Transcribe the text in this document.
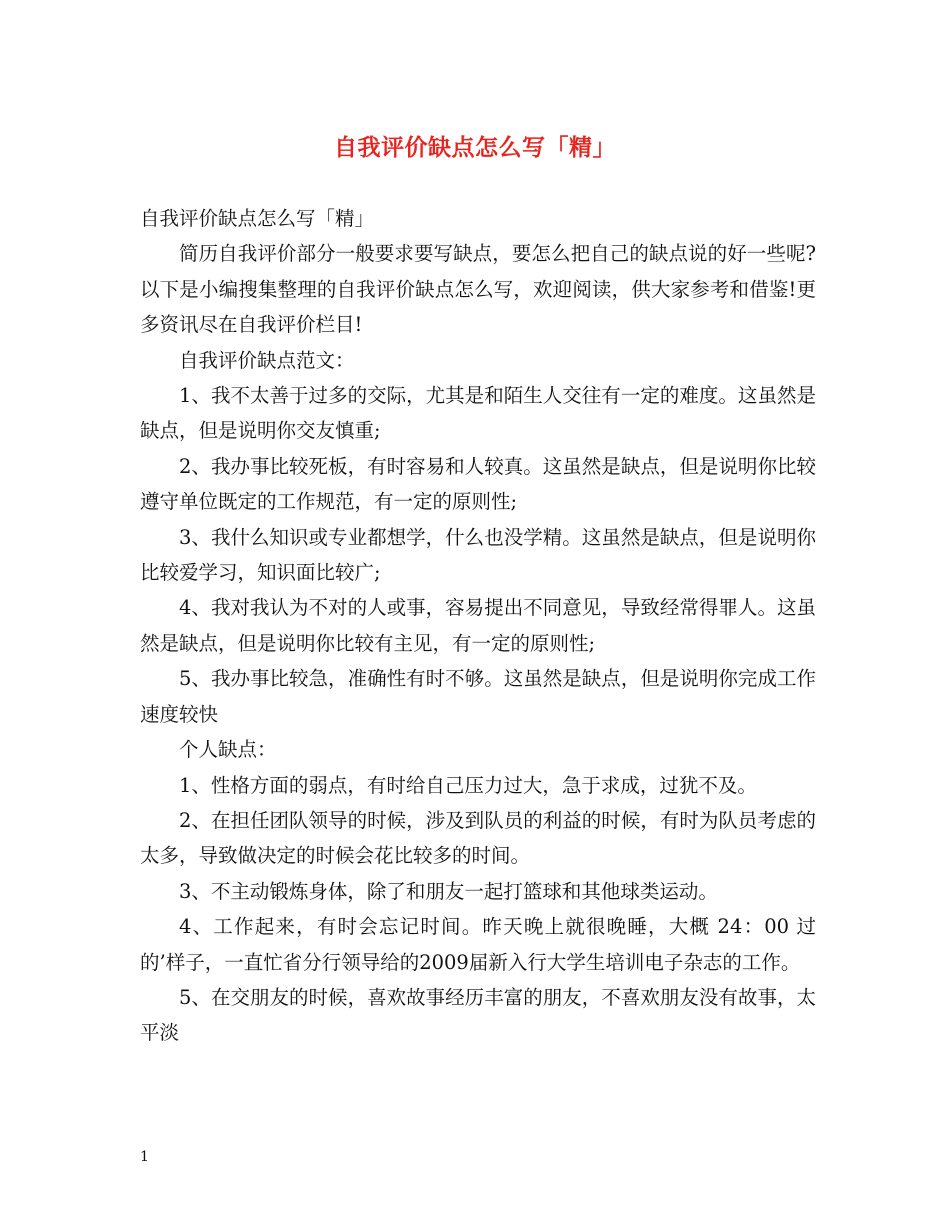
自我评价缺点怎么写「精」

自我评价缺点怎么写「精」

简历自我评价部分一般要求要写缺点，要怎么把自己的缺点说的好一些呢?以下是小编搜集整理的自我评价缺点怎么写，欢迎阅读，供大家参考和借鉴!更多资讯尽在自我评价栏目!

自我评价缺点范文：

1、我不太善于过多的交际，尤其是和陌生人交往有一定的难度。这虽然是缺点，但是说明你交友慎重;

2、我办事比较死板，有时容易和人较真。这虽然是缺点，但是说明你比较遵守单位既定的工作规范，有一定的原则性;

3、我什么知识或专业都想学，什么也没学精。这虽然是缺点，但是说明你比较爱学习，知识面比较广;

4、我对我认为不对的人或事，容易提出不同意见，导致经常得罪人。这虽然是缺点，但是说明你比较有主见，有一定的原则性;

5、我办事比较急，准确性有时不够。这虽然是缺点，但是说明你完成工作速度较快

个人缺点：

1、性格方面的弱点，有时给自己压力过大，急于求成，过犹不及。

2、在担任团队领导的时候，涉及到队员的利益的时候，有时为队员考虑的太多，导致做决定的时候会花比较多的时间。

3、不主动锻炼身体，除了和朋友一起打篮球和其他球类运动。

4、工作起来，有时会忘记时间。昨天晚上就很晚睡，大概 24：00 过的’样子，一直忙省分行领导给的2009届新入行大学生培训电子杂志的工作。

5、在交朋友的时候，喜欢故事经历丰富的朋友，不喜欢朋友没有故事，太平淡

1
